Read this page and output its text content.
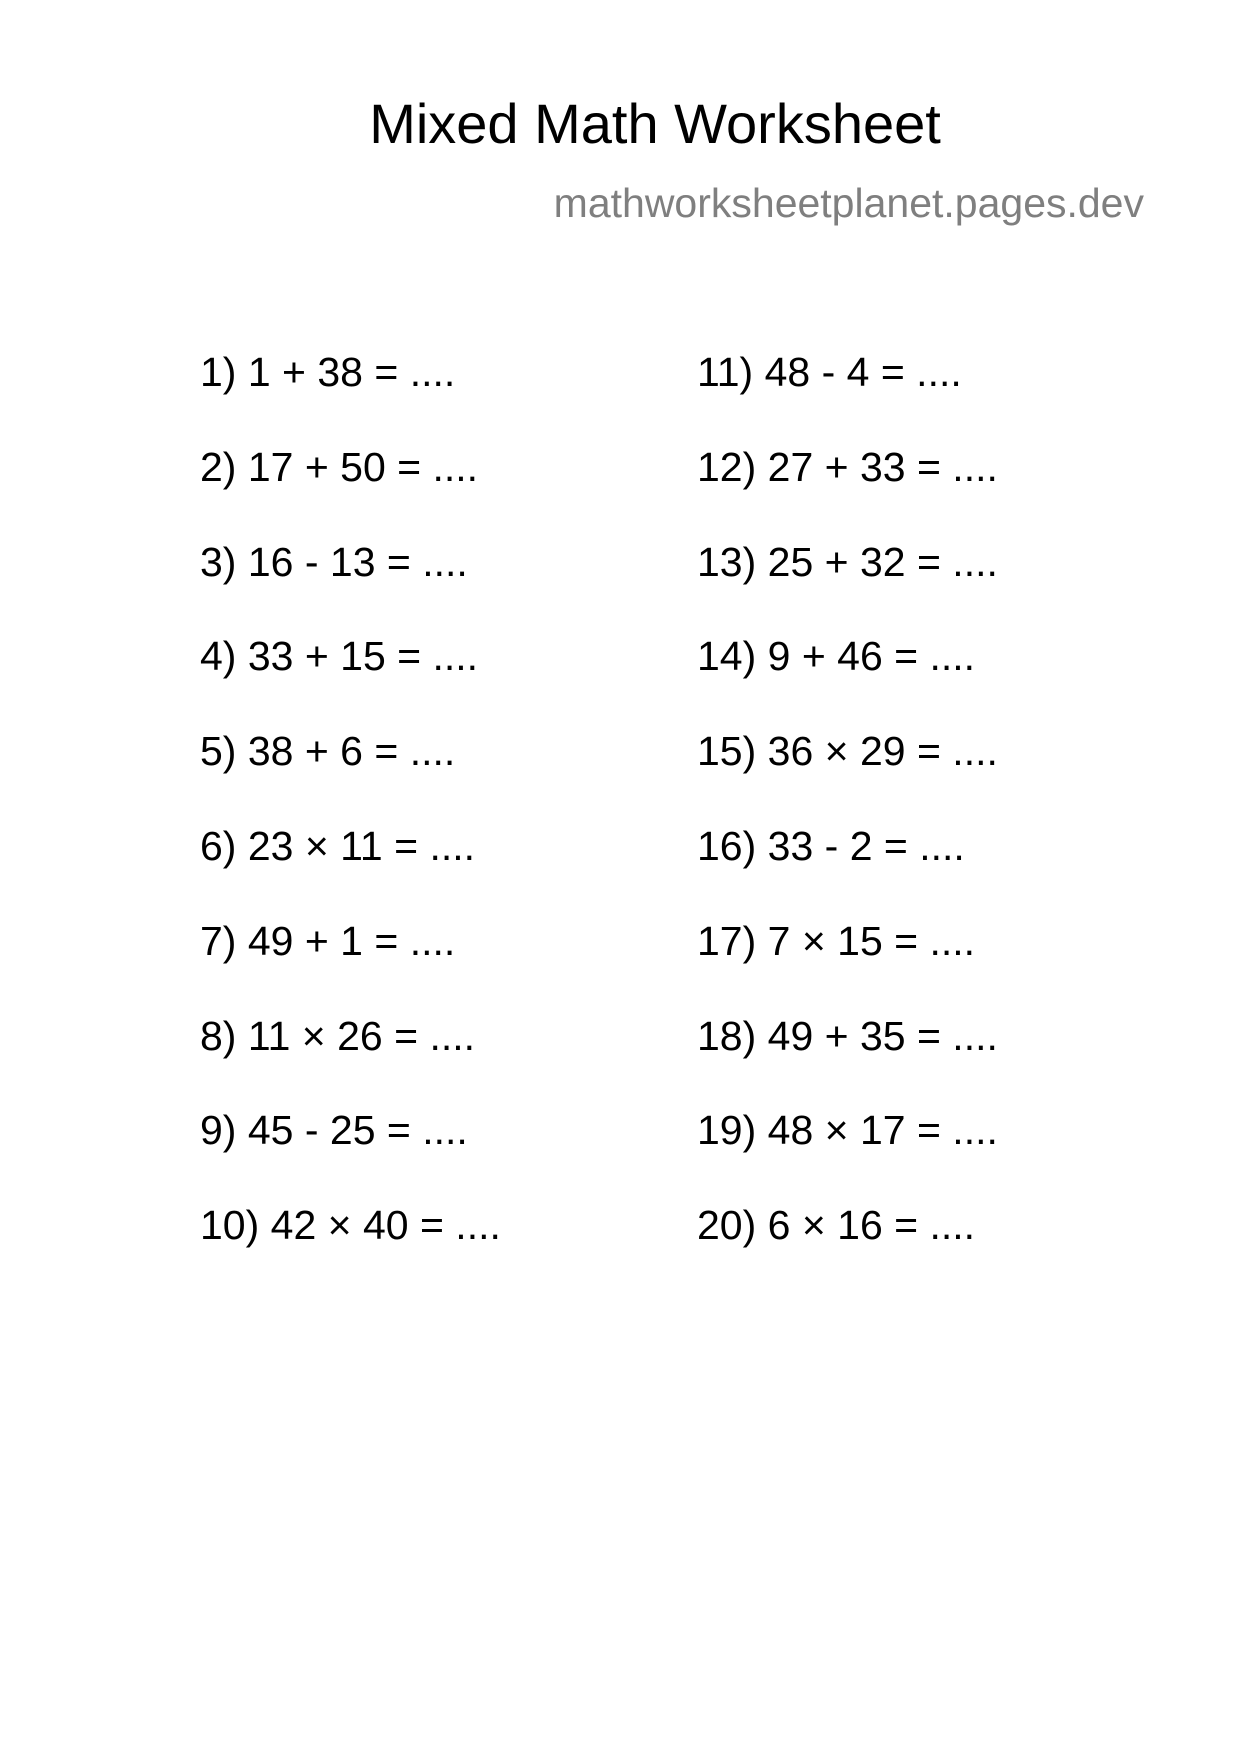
Mixed Math Worksheet
mathworksheetplanet.pages.dev
1) 1 + 38 = ....
2) 17 + 50 = ....
3) 16 - 13 = ....
4) 33 + 15 = ....
5) 38 + 6 = ....
6) 23 × 11 = ....
7) 49 + 1 = ....
8) 11 × 26 = ....
9) 45 - 25 = ....
10) 42 × 40 = ....
11) 48 - 4 = ....
12) 27 + 33 = ....
13) 25 + 32 = ....
14) 9 + 46 = ....
15) 36 × 29 = ....
16) 33 - 2 = ....
17) 7 × 15 = ....
18) 49 + 35 = ....
19) 48 × 17 = ....
20) 6 × 16 = ....
